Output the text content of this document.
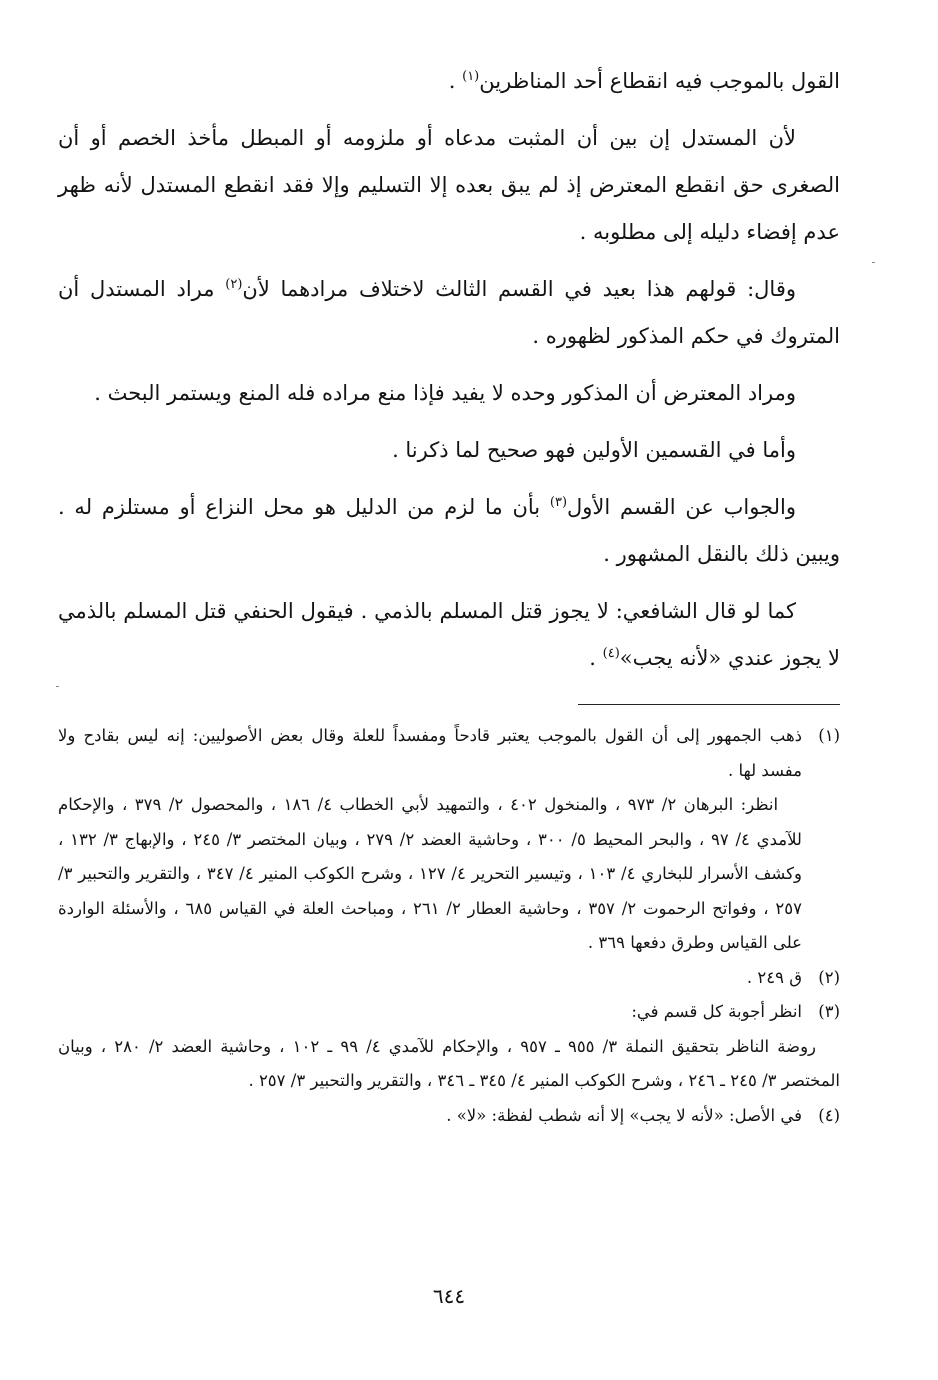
القول بالموجب فيه انقطاع أحد المناظرين$^{(١)}$ .

لأن المستدل إن بين أن المثبت مدعاه أو ملزومه أو المبطل مأخذ الخصم أو أن الصغرى حق انقطع المعترض إذ لم يبق بعده إلا التسليم وإلا فقد انقطع المستدل لأنه ظهر عدم إفضاء دليله إلى مطلوبه .

وقال: قولهم هذا بعيد في القسم الثالث لاختلاف مرادهما لأن$^{(٢)}$ مراد المستدل أن المتروك في حكم المذكور لظهوره .

ومراد المعترض أن المذكور وحده لا يفيد فإذا منع مراده فله المنع ويستمر البحث .

وأما في القسمين الأولين فهو صحيح لما ذكرنا .

والجواب عن القسم الأول$^{(٣)}$ بأن ما لزم من الدليل هو محل النزاع أو مستلزم له . ويبين ذلك بالنقل المشهور .

كما لو قال الشافعي: لا يجوز قتل المسلم بالذمي . فيقول الحنفي قتل المسلم بالذمي لا يجوز عندي «لأنه يجب»$^{(٤)}$ .

(١)
ذهب الجمهور إلى أن القول بالموجب يعتبر قادحاً ومفسداً للعلة وقال بعض الأصوليين: إنه ليس بقادح ولا مفسد لها .
انظر: البرهان ٢/ ٩٧٣ ، والمنخول ٤٠٢ ، والتمهيد لأبي الخطاب ٤/ ١٨٦ ، والمحصول ٢/ ٣٧٩ ، والإحكام للآمدي ٤/ ٩٧ ، والبحر المحيط ٥/ ٣٠٠ ، وحاشية العضد ٢/ ٢٧٩ ، وبيان المختصر ٣/ ٢٤٥ ، والإبهاج ٣/ ١٣٢ ، وكشف الأسرار للبخاري ٤/ ١٠٣ ، وتيسير التحرير ٤/ ١٢٧ ، وشرح الكوكب المنير ٤/ ٣٤٧ ، والتقرير والتحبير ٣/ ٢٥٧ ، وفواتح الرحموت ٢/ ٣٥٧ ، وحاشية العطار ٢/ ٢٦١ ، ومباحث العلة في القياس ٦٨٥ ، والأسئلة الواردة على القياس وطرق دفعها ٣٦٩ .
(٢)
ق ٢٤٩ .
(٣)
انظر أجوبة كل قسم في:
روضة الناظر بتحقيق النملة ٣/ ٩٥٥ ـ ٩٥٧ ، والإحكام للآمدي ٤/ ٩٩ ـ ١٠٢ ، وحاشية العضد ٢/ ٢٨٠ ، وبيان المختصر ٣/ ٢٤٥ ـ ٢٤٦ ، وشرح الكوكب المنير ٤/ ٣٤٥ ـ ٣٤٦ ، والتقرير والتحبير ٣/ ٢٥٧ .
(٤)
في الأصل: «لأنه لا يجب» إلا أنه شطب لفظة: «لا» .
٦٤٤
